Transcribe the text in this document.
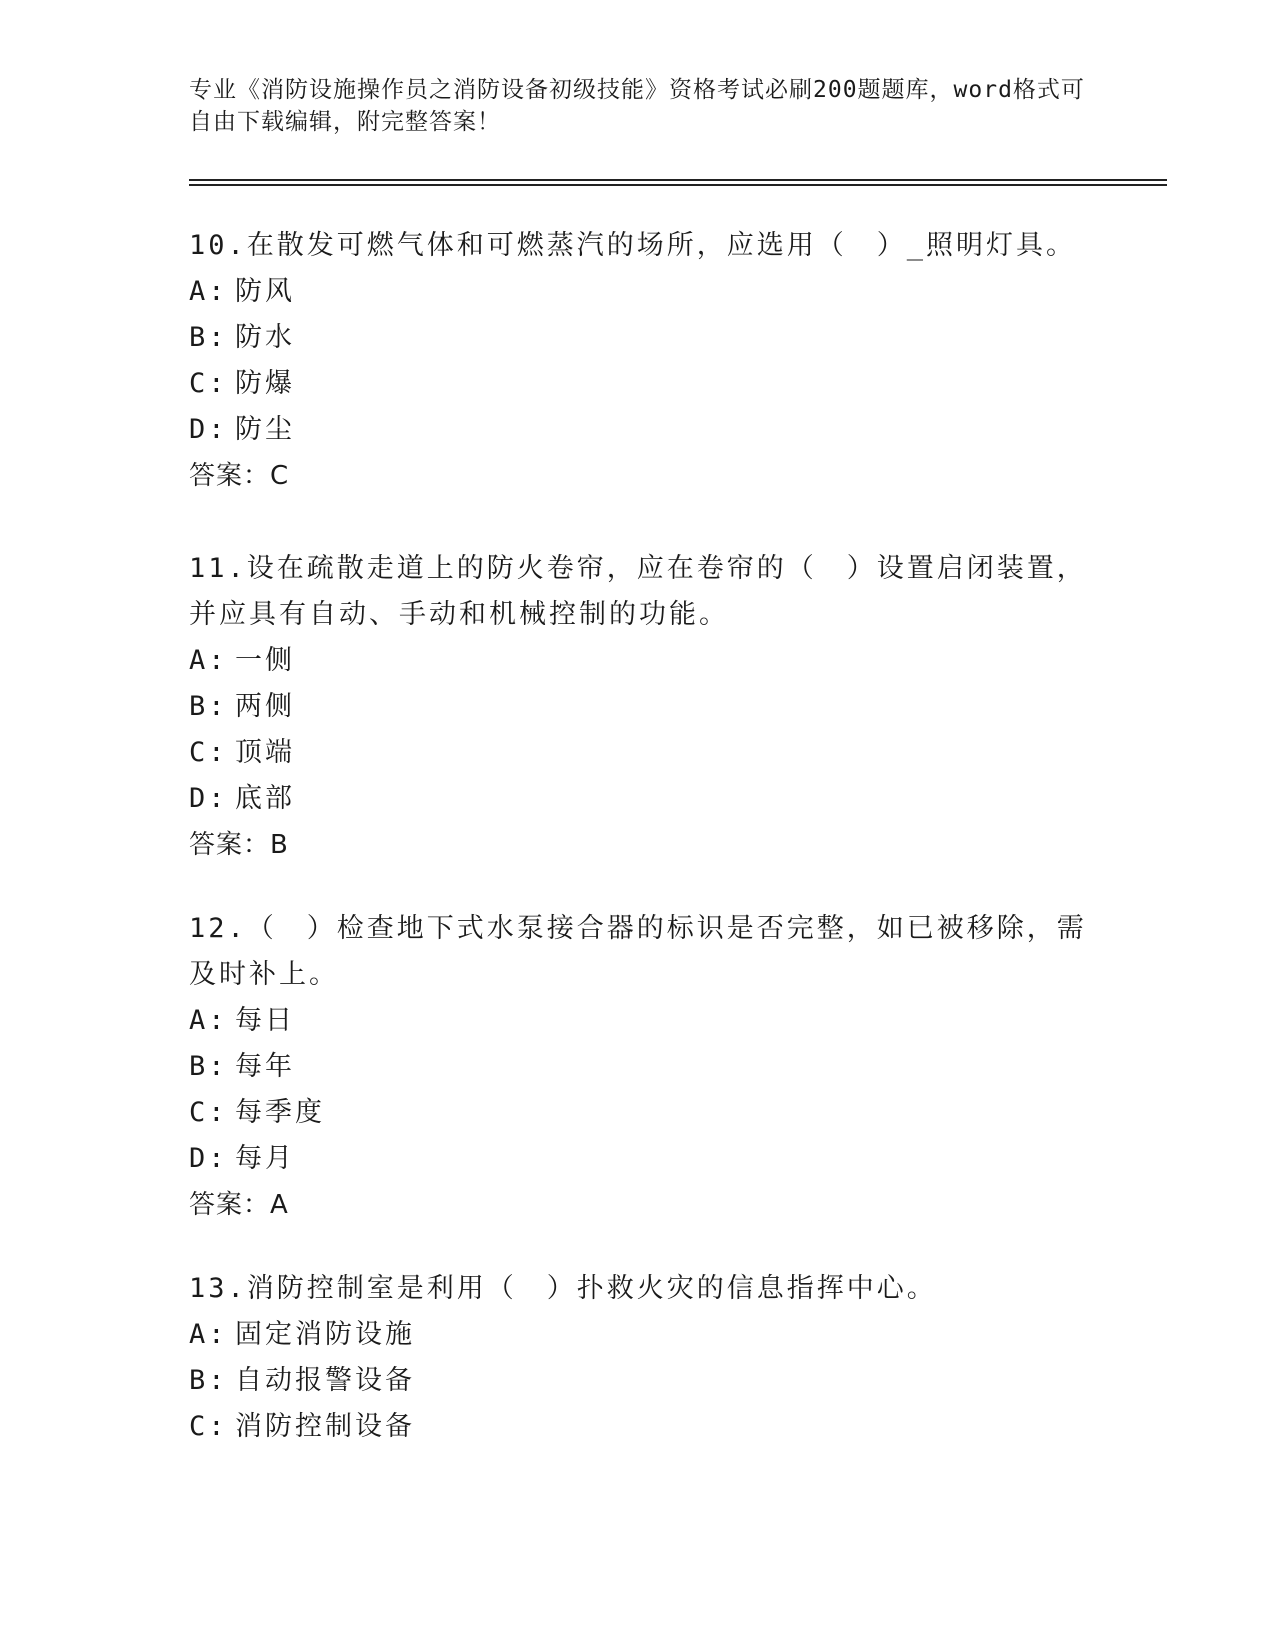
专业《消防设施操作员之消防设备初级技能》资格考试必刷200题题库，word格式可自由下载编辑，附完整答案！

10.在散发可燃气体和可燃蒸汽的场所，应选用（　）_照明灯具。

A: 防风

B: 防水

C: 防爆

D: 防尘

答案：C

11.设在疏散走道上的防火卷帘，应在卷帘的（　）设置启闭装置，并应具有自动、手动和机械控制的功能。

A: 一侧

B: 两侧

C: 顶端

D: 底部

答案：B

12.（　）检查地下式水泵接合器的标识是否完整，如已被移除，需及时补上。

A: 每日

B: 每年

C: 每季度

D: 每月

答案：A

13.消防控制室是利用（　）扑救火灾的信息指挥中心。

A: 固定消防设施

B: 自动报警设备

C: 消防控制设备
